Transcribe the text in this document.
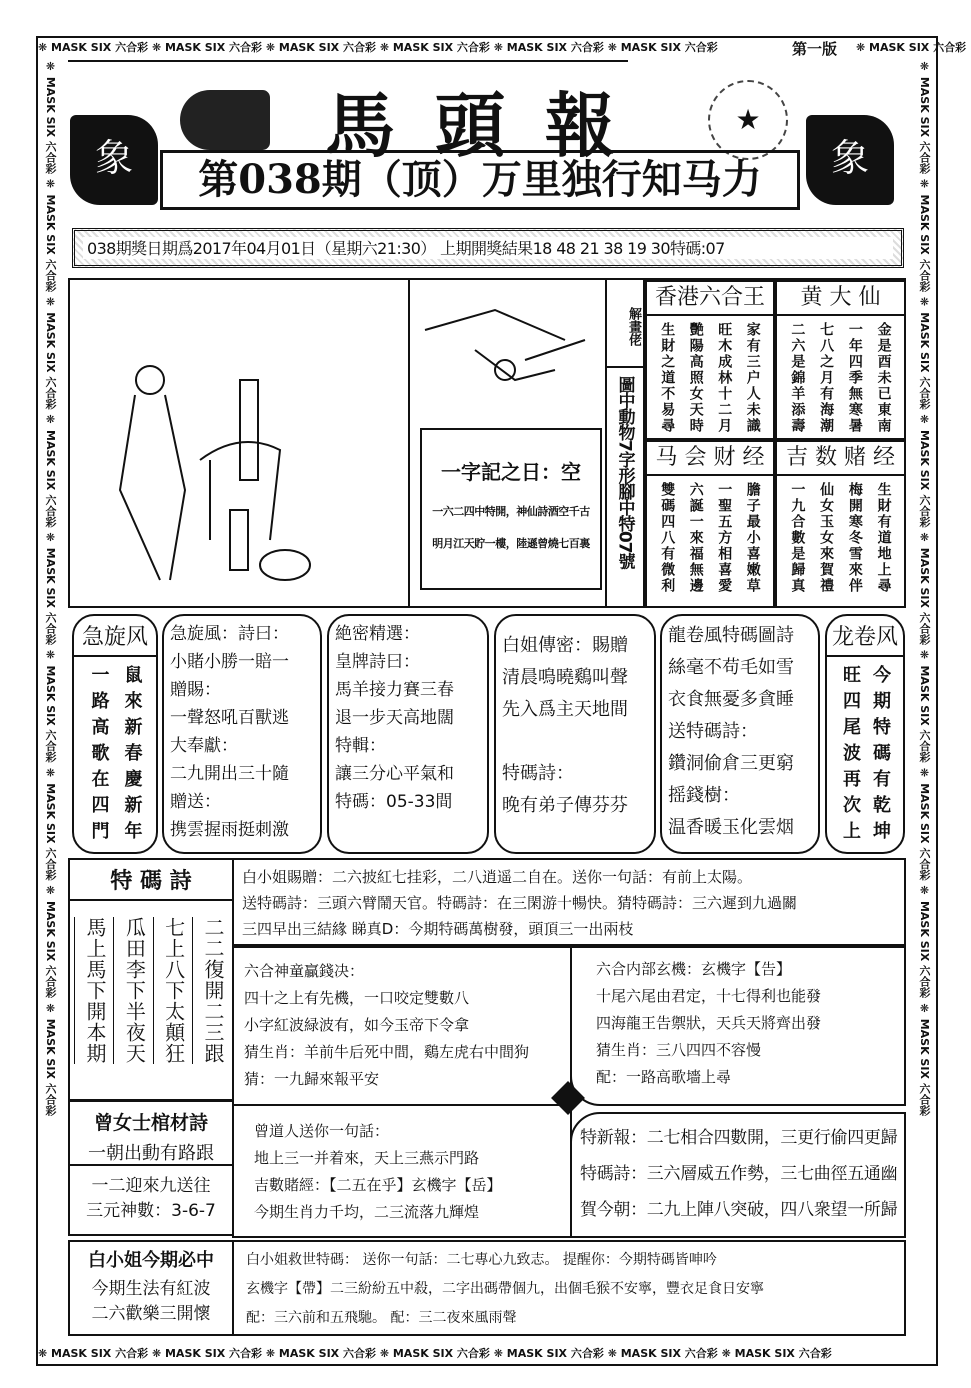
❋ MASK SIX 六合彩 ❋ MASK SIX 六合彩 ❋ MASK SIX 六合彩 ❋ MASK SIX 六合彩 ❋ MASK SIX 六合彩 ❋ MASK SIX 六合彩	第一版	❋ MASK SIX 六合彩
❋ MASK SIX 六合彩 ❋ MASK SIX 六合彩 ❋ MASK SIX 六合彩 ❋ MASK SIX 六合彩 ❋ MASK SIX 六合彩 ❋ MASK SIX 六合彩 ❋ MASK SIX 六合彩
❋ MASK SIX 六合彩 ❋ MASK SIX 六合彩 ❋ MASK SIX 六合彩 ❋ MASK SIX 六合彩 ❋ MASK SIX 六合彩 ❋ MASK SIX 六合彩 ❋ MASK SIX 六合彩 ❋ MASK SIX 六合彩 ❋ MASK SIX 六合彩
❋ MASK SIX 六合彩 ❋ MASK SIX 六合彩 ❋ MASK SIX 六合彩 ❋ MASK SIX 六合彩 ❋ MASK SIX 六合彩 ❋ MASK SIX 六合彩 ❋ MASK SIX 六合彩 ❋ MASK SIX 六合彩 ❋ MASK SIX 六合彩
馬頭報	★
象	象
第038期（顶）万里独行知马力
038期獎日期爲2017年04月01日（星期六21:30） 上期開獎結果18 48 21 38 19 30特碼:07
一字記之日：空
一六二四中特開，神仙詩酒空千古
明月江天貯一樓，陸遜曾燒七百裏
解畫佬
圖中動物7字形腳中特07號
香港六合王
家有三户人未識
旺木成林十二月
艷陽高照女天時
生財之道不易尋
黄 大 仙
金是酉未已東南
一年四季無寒暑
七八之月有海潮
二六是錦羊添壽
马 会 财 经
膽子最小喜嫩草
一聖五方相喜愛
六誕一來福無邊
雙碼四八有微利
吉 数 赌 经
生財有道地上尋
梅開寒冬雪來伴
仙女玉女來賀禮
一九合數是歸真
急旋风
鼠來新春慶新年
一路高歌在四門
急旋風：詩曰：
小賭小勝一賠一
贈賜：
一聲怒吼百獸逃
大奉獻：
二九開出三十隨
贈送：
携雲握雨挺刺激
絶密精選：
皇牌詩曰：
馬羊接力賽三春
退一步天高地闊
特輯：
讓三分心平氣和
特碼：05-33間
白姐傳密：賜贈
清晨鳴曉鷄叫聲
先入爲主天地間

特碼詩：
晚有弟子傳芬芬
龍卷風特碼圖詩
絲毫不苟毛如雪
衣食無憂多貪睡
送特碼詩：
鑽洞偷倉三更窮
摇錢樹：
温香暖玉化雲烟
龙卷风
今期特碼有乾坤
旺四尾波再次上
特 碼 詩
二二復開二三跟
七上八下太顛狂
瓜田李下半夜天
馬上馬下開本期
曾女士棺材詩
一朝出動有路跟
一二迎來九送往
三元神數：3-6-7
白小姐今期必中
今期生法有紅波
二六歡樂三開懷
白小姐賜贈：二六披紅七挂彩，二八逍遥二自在。送你一句話：有前上太陽。
送特碼詩：三頭六臂鬧天官。特碼詩：在三閑游十暢快。猜特碼詩：三六遲到九過關
三四早出三結緣 睇真D：今期特碼萬樹發，頭頂三一出兩枝
六合神童贏錢决：
四十之上有先機，一口咬定雙數八
小字紅波緑波有，如今玉帝下令拿
猜生肖：羊前牛后死中間，鷄左虎右中間狗
猜：一九歸來報平安
六合内部玄機：玄機字【告】
十尾六尾由君定，十七得利也能發
四海龍王告禦狀，天兵天將齊出發
猜生肖：三八四四不容慢
配：一路高歌墻上尋
曾道人送你一句話：
地上三一并着來，天上三燕示門路
吉數賭經：【二五在乎】玄機字【岳】
今期生肖力千均，二三流落九輝煌
特新報：二七相合四數開，三更行偷四更歸
特碼詩：三六層威五作勢，三七曲徑五通幽
賀今朝：二九上陣八突破，四八衆望一所歸
白小姐救世特碼： 送你一句話：二七專心九致志。 提醒你：今期特碼皆呻吟
玄機字【帶】二三紛紛五中殺，二字出碼帶個九，出個毛猴不安寧，豐衣足食日安寧
配：三六前和五飛馳。 配：三二夜來風雨聲
